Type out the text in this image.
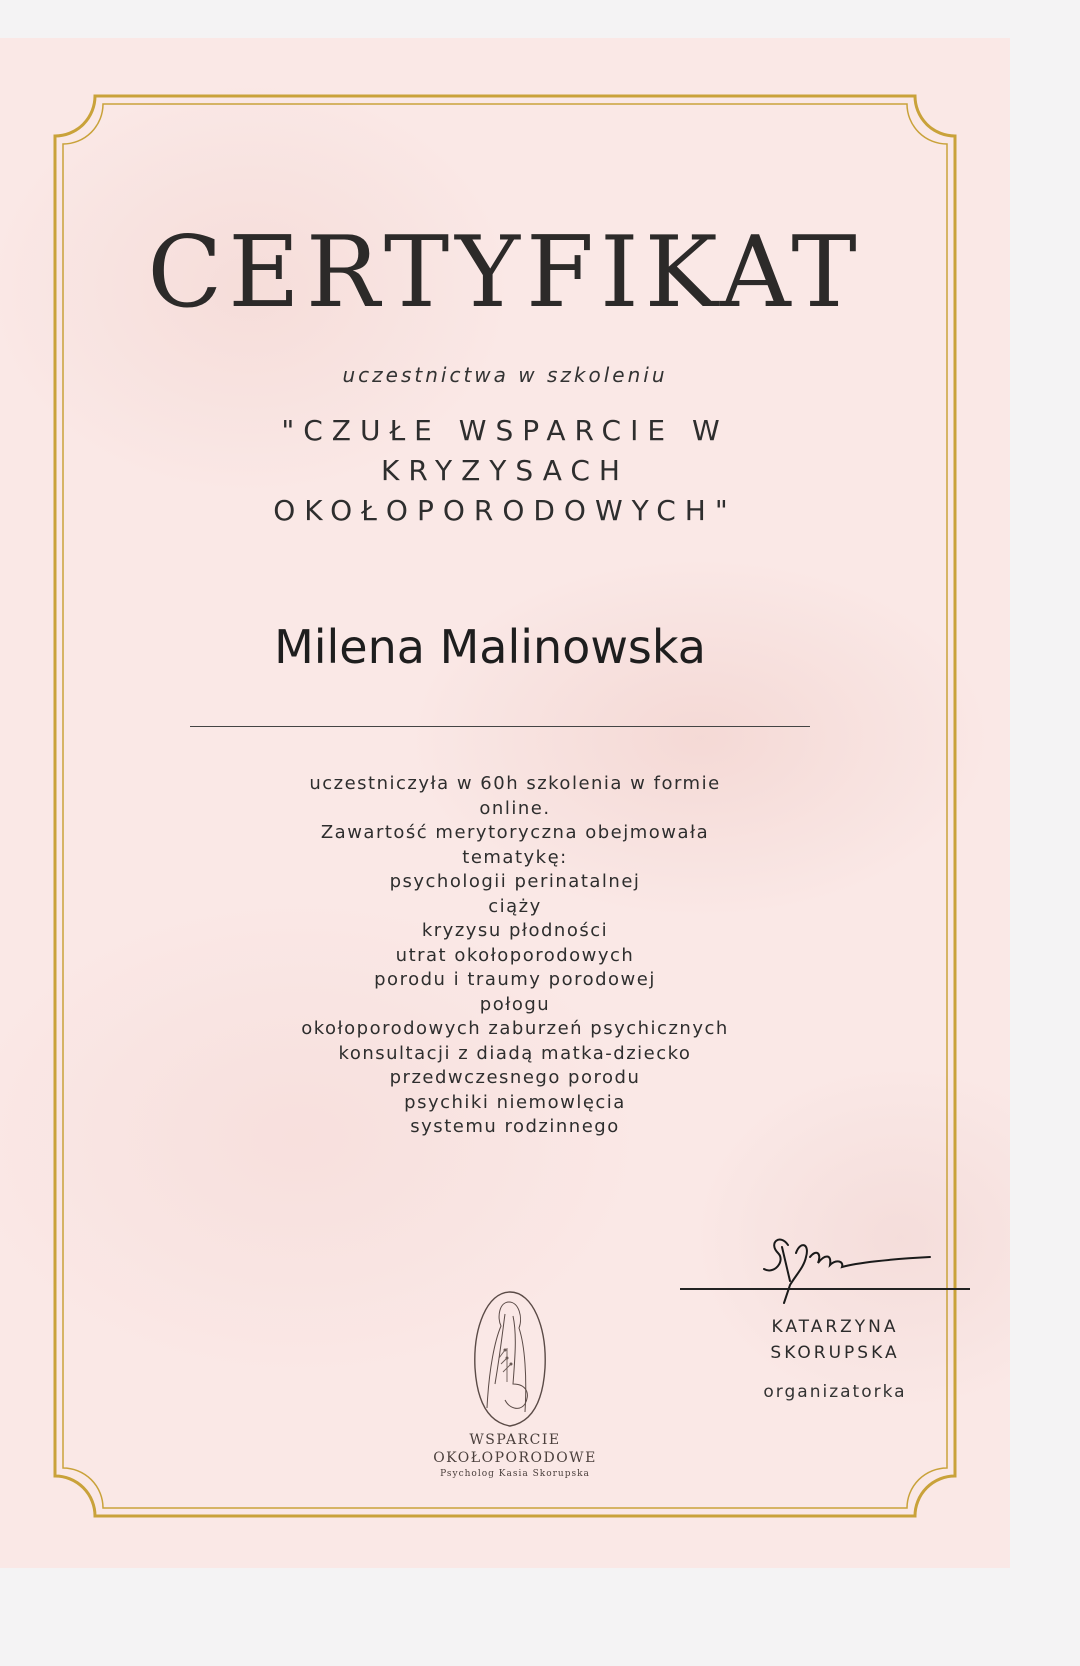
CERTYFIKAT
uczestnictwa w szkoleniu
"CZUŁE WSPARCIE W
KRYZYSACH
OKOŁOPORODOWYCH"
Milena Malinowska
uczestniczyła w 60h szkolenia w formie
online.
Zawartość merytoryczna obejmowała
tematykę:
psychologii perinatalnej
ciąży
kryzysu płodności
utrat okołoporodowych
porodu i traumy porodowej
połogu
okołoporodowych zaburzeń psychicznych
konsultacji z diadą matka-dziecko
przedwczesnego porodu
psychiki niemowlęcia
systemu rodzinnego
KATARZYNA
SKORUPSKA
organizatorka
WSPARCIE
OKOŁOPORODOWE
Psycholog Kasia Skorupska
